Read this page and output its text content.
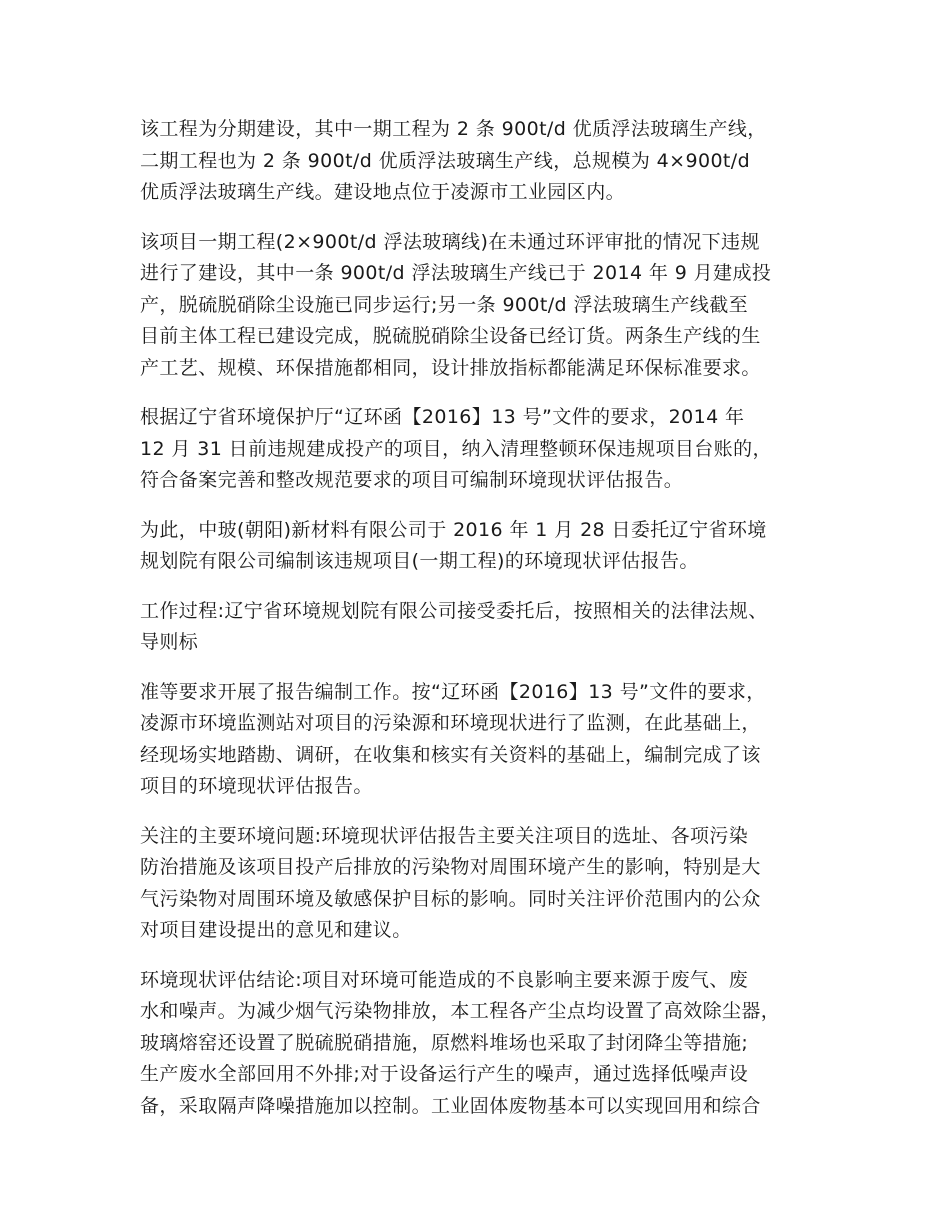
该工程为分期建设，其中一期工程为 2 条 900t/d 优质浮法玻璃生产线，
二期工程也为 2 条 900t/d 优质浮法玻璃生产线，总规模为 4×900t/d
优质浮法玻璃生产线。建设地点位于凌源市工业园区内。
该项目一期工程(2×900t/d 浮法玻璃线)在未通过环评审批的情况下违规
进行了建设，其中一条 900t/d 浮法玻璃生产线已于 2014 年 9 月建成投
产，脱硫脱硝除尘设施已同步运行;另一条 900t/d 浮法玻璃生产线截至
目前主体工程已建设完成，脱硫脱硝除尘设备已经订货。两条生产线的生
产工艺、规模、环保措施都相同，设计排放指标都能满足环保标准要求。
根据辽宁省环境保护厅“辽环函【2016】13 号”文件的要求，2014 年
12 月 31 日前违规建成投产的项目，纳入清理整顿环保违规项目台账的，
符合备案完善和整改规范要求的项目可编制环境现状评估报告。
为此，中玻(朝阳)新材料有限公司于 2016 年 1 月 28 日委托辽宁省环境
规划院有限公司编制该违规项目(一期工程)的环境现状评估报告。
工作过程:辽宁省环境规划院有限公司接受委托后，按照相关的法律法规、
导则标
准等要求开展了报告编制工作。按“辽环函【2016】13 号”文件的要求，
凌源市环境监测站对项目的污染源和环境现状进行了监测，在此基础上，
经现场实地踏勘、调研，在收集和核实有关资料的基础上，编制完成了该
项目的环境现状评估报告。
关注的主要环境问题:环境现状评估报告主要关注项目的选址、各项污染
防治措施及该项目投产后排放的污染物对周围环境产生的影响，特别是大
气污染物对周围环境及敏感保护目标的影响。同时关注评价范围内的公众
对项目建设提出的意见和建议。
环境现状评估结论:项目对环境可能造成的不良影响主要来源于废气、废
水和噪声。为减少烟气污染物排放，本工程各产尘点均设置了高效除尘器，
玻璃熔窑还设置了脱硫脱硝措施，原燃料堆场也采取了封闭降尘等措施;
生产废水全部回用不外排;对于设备运行产生的噪声，通过选择低噪声设
备，采取隔声降噪措施加以控制。工业固体废物基本可以实现回用和综合
